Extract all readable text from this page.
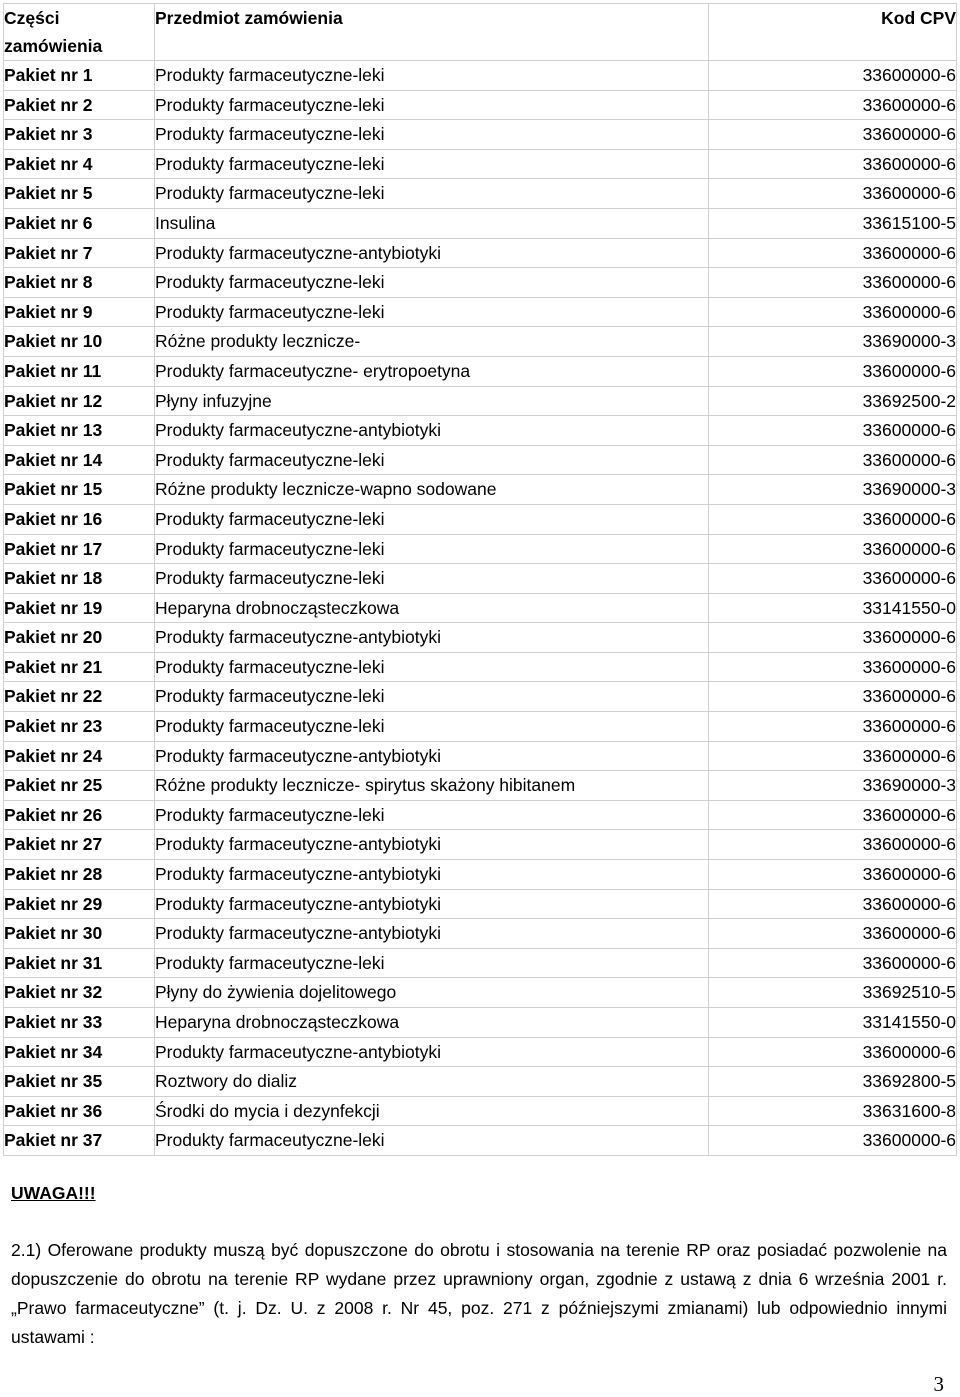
Części zamówienia	Przedmiot zamówienia	Kod CPV
Pakiet nr 1	Produkty farmaceutyczne-leki	33600000-6
Pakiet nr 2	Produkty farmaceutyczne-leki	33600000-6
Pakiet nr 3	Produkty farmaceutyczne-leki	33600000-6
Pakiet nr 4	Produkty farmaceutyczne-leki	33600000-6
Pakiet nr 5	Produkty farmaceutyczne-leki	33600000-6
Pakiet nr 6	Insulina	33615100-5
Pakiet nr 7	Produkty farmaceutyczne-antybiotyki	33600000-6
Pakiet nr 8	Produkty farmaceutyczne-leki	33600000-6
Pakiet nr 9	Produkty farmaceutyczne-leki	33600000-6
Pakiet nr 10	Różne produkty lecznicze-	33690000-3
Pakiet nr 11	Produkty farmaceutyczne- erytropoetyna	33600000-6
Pakiet nr 12	Płyny infuzyjne	33692500-2
Pakiet nr 13	Produkty farmaceutyczne-antybiotyki	33600000-6
Pakiet nr 14	Produkty farmaceutyczne-leki	33600000-6
Pakiet nr 15	Różne produkty lecznicze-wapno sodowane	33690000-3
Pakiet nr 16	Produkty farmaceutyczne-leki	33600000-6
Pakiet nr 17	Produkty farmaceutyczne-leki	33600000-6
Pakiet nr 18	Produkty farmaceutyczne-leki	33600000-6
Pakiet nr 19	Heparyna drobnocząsteczkowa	33141550-0
Pakiet nr 20	Produkty farmaceutyczne-antybiotyki	33600000-6
Pakiet nr 21	Produkty farmaceutyczne-leki	33600000-6
Pakiet nr 22	Produkty farmaceutyczne-leki	33600000-6
Pakiet nr 23	Produkty farmaceutyczne-leki	33600000-6
Pakiet nr 24	Produkty farmaceutyczne-antybiotyki	33600000-6
Pakiet nr 25	Różne produkty lecznicze- spirytus skażony hibitanem	33690000-3
Pakiet nr 26	Produkty farmaceutyczne-leki	33600000-6
Pakiet nr 27	Produkty farmaceutyczne-antybiotyki	33600000-6
Pakiet nr 28	Produkty farmaceutyczne-antybiotyki	33600000-6
Pakiet nr 29	Produkty farmaceutyczne-antybiotyki	33600000-6
Pakiet nr 30	Produkty farmaceutyczne-antybiotyki	33600000-6
Pakiet nr 31	Produkty farmaceutyczne-leki	33600000-6
Pakiet nr 32	Płyny do żywienia dojelitowego	33692510-5
Pakiet nr 33	Heparyna drobnocząsteczkowa	33141550-0
Pakiet nr 34	Produkty farmaceutyczne-antybiotyki	33600000-6
Pakiet nr 35	Roztwory do dializ	33692800-5
Pakiet nr 36	Środki do mycia i dezynfekcji	33631600-8
Pakiet nr 37	Produkty farmaceutyczne-leki	33600000-6
UWAGA!!!
2.1) Oferowane produkty muszą być dopuszczone do obrotu i stosowania na terenie RP oraz posiadać pozwolenie na dopuszczenie do obrotu na terenie RP wydane przez uprawniony organ, zgodnie z ustawą z dnia 6 września 2001 r. „Prawo farmaceutyczne” (t. j. Dz. U. z 2008 r. Nr 45, poz. 271 z późniejszymi zmianami) lub odpowiednio innymi ustawami :
3
